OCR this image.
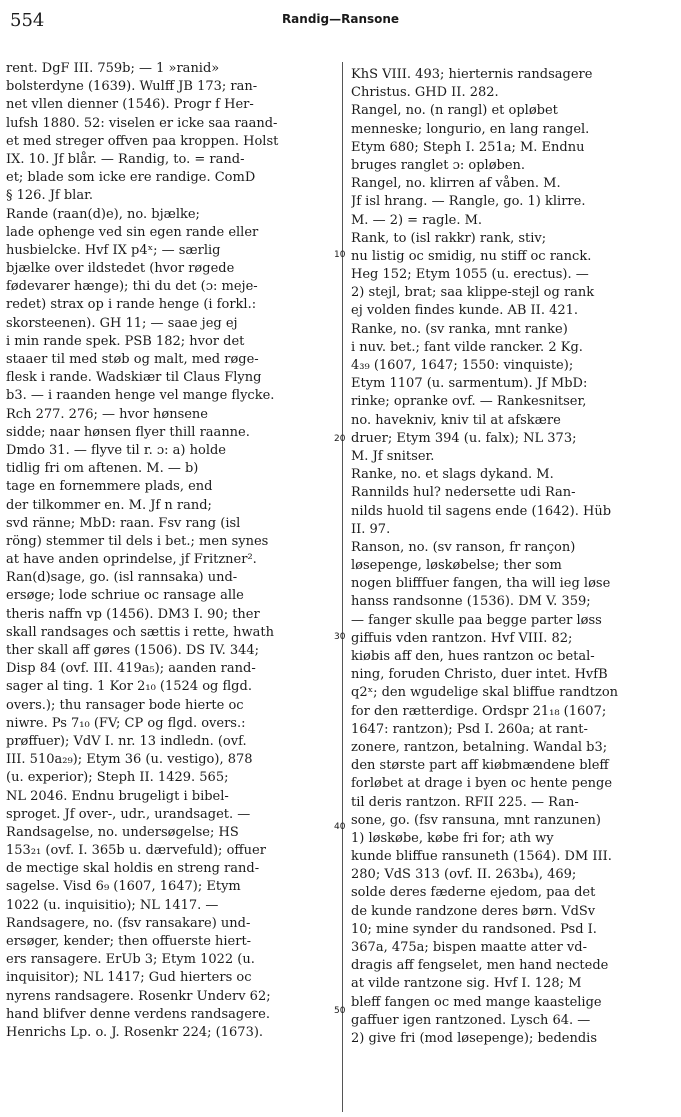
554	Randig—Ransone
rent. DgF III. 759b; — 1 »ranid»
bolsterdyne (1639). Wulff JB 173; ran-
net vllen dienner (1546). Progr f Her-
lufsh 1880. 52: viselen er icke saa raand-
et med streger offven paa kroppen. Holst
IX. 10. Jf blår. — Randig, to. = rand-
et; blade som icke ere randige. ComD
§ 126. Jf blar.
Rande (raan(d)e), no. bjælke;
lade ophenge ved sin egen rande eller
husbielcke. Hvf IX p4ˣ; — særlig
bjælke over ildstedet (hvor røgede
fødevarer hænge); thi du det (ɔ: meje-
redet) strax op i rande henge (i forkl.:
skorsteenen). GH 11; — saae jeg ej
i min rande spek. PSB 182; hvor det
staaer til med støb og malt, med røge-
flesk i rande. Wadskiær til Claus Flyng
b3. — i raanden henge vel mange flycke.
Rch 277. 276; — hvor hønsene
sidde; naar hønsen flyer thill raanne.
Dmdo 31. — flyve til r. ɔ: a) holde
tidlig fri om aftenen. M. — b)
tage en fornemmere plads, end
der tilkommer en. M. Jf n rand;
svd ränne; MbD: raan. Fsv rang (isl
röng) stemmer til dels i bet.; men synes
at have anden oprindelse, jf Fritzner².
Ran(d)sage, go. (isl rannsaka) und-
ersøge; lode schriue oc ransage alle
theris naffn vp (1456). DM3 I. 90; ther
skall randsages och sættis i rette, hwath
ther skall aff gøres (1506). DS IV. 344;
Disp 84 (ovf. III. 419a₅); aanden rand-
sager al ting. 1 Kor 2₁₀ (1524 og flgd.
overs.); thu ransager bode hierte oc
niwre. Ps 7₁₀ (FV; CP og flgd. overs.:
prøffuer); VdV I. nr. 13 indledn. (ovf.
III. 510a₂₉); Etym 36 (u. vestigo), 878
(u. experior); Steph II. 1429. 565;
NL 2046. Endnu brugeligt i bibel-
sproget. Jf over-, udr., urandsaget. —
Randsagelse, no. undersøgelse; HS
153₂₁ (ovf. I. 365b u. dærvefuld); offuer
de mectige skal holdis en streng rand-
sagelse. Visd 6₉ (1607, 1647); Etym
1022 (u. inquisitio); NL 1417. —
Randsagere, no. (fsv ransakare) und-
ersøger, kender; then offuerste hiert-
ers ransagere. ErUb 3; Etym 1022 (u.
inquisitor); NL 1417; Gud hierters oc
nyrens randsagere. Rosenkr Underv 62;
hand blifver denne verdens randsagere.
Henrichs Lp. o. J. Rosenkr 224; (1673).
10
20
30
40
50
KhS VIII. 493; hierternis randsagere
Christus. GHD II. 282.
Rangel, no. (n rangl) et opløbet
menneske; longurio, en lang rangel.
Etym 680; Steph I. 251a; M. Endnu
bruges ranglet ɔ: opløben.
Rangel, no. klirren af våben. M.
Jf isl hrang. — Rangle, go. 1) klirre.
M. — 2) = ragle. M.
Rank, to (isl rakkr) rank, stiv;
nu listig oc smidig, nu stiff oc ranck.
Heg 152; Etym 1055 (u. erectus). —
2) stejl, brat; saa klippe-stejl og rank
ej volden findes kunde. AB II. 421.
Ranke, no. (sv ranka, mnt ranke)
i nuv. bet.; fant vilde rancker. 2 Kg.
4₃₉ (1607, 1647; 1550: vinquiste);
Etym 1107 (u. sarmentum). Jf MbD:
rinke; opranke ovf. — Rankesnitser,
no. havekniv, kniv til at afskære
druer; Etym 394 (u. falx); NL 373;
M. Jf snitser.
Ranke, no. et slags dykand. M.
Rannilds hul? nedersette udi Ran-
nilds huold til sagens ende (1642). Hüb
II. 97.
Ranson, no. (sv ranson, fr rançon)
løsepenge, løskøbelse; ther som
nogen blifffuer fangen, tha will ieg løse
hanss randsonne (1536). DM V. 359;
— fanger skulle paa begge parter løss
giffuis vden rantzon. Hvf VIII. 82;
kiøbis aff den, hues rantzon oc betal-
ning, foruden Christo, duer intet. HvfB
q2ˣ; den wgudelige skal bliffue randtzon
for den rætterdige. Ordspr 21₁₈ (1607;
1647: rantzon); Psd I. 260a; at rant-
zonere, rantzon, betalning. Wandal b3;
den største part aff kiøbmændene bleff
forløbet at drage i byen oc hente penge
til deris rantzon. RFII 225. — Ran-
sone, go. (fsv ransuna, mnt ranzunen)
1) løskøbe, købe fri for; ath wy
kunde bliffue ransuneth (1564). DM III.
280; VdS 313 (ovf. II. 263b₄), 469;
solde deres fæderne ejedom, paa det
de kunde randzone deres børn. VdSv
10; mine synder du randsoned. Psd I.
367a, 475a; bispen maatte atter vd-
dragis aff fengselet, men hand nectede
at vilde rantzone sig. Hvf I. 128; M
bleff fangen oc med mange kaastelige
gaffuer igen rantzoned. Lysch 64. —
2) give fri (mod løsepenge); bedendis
